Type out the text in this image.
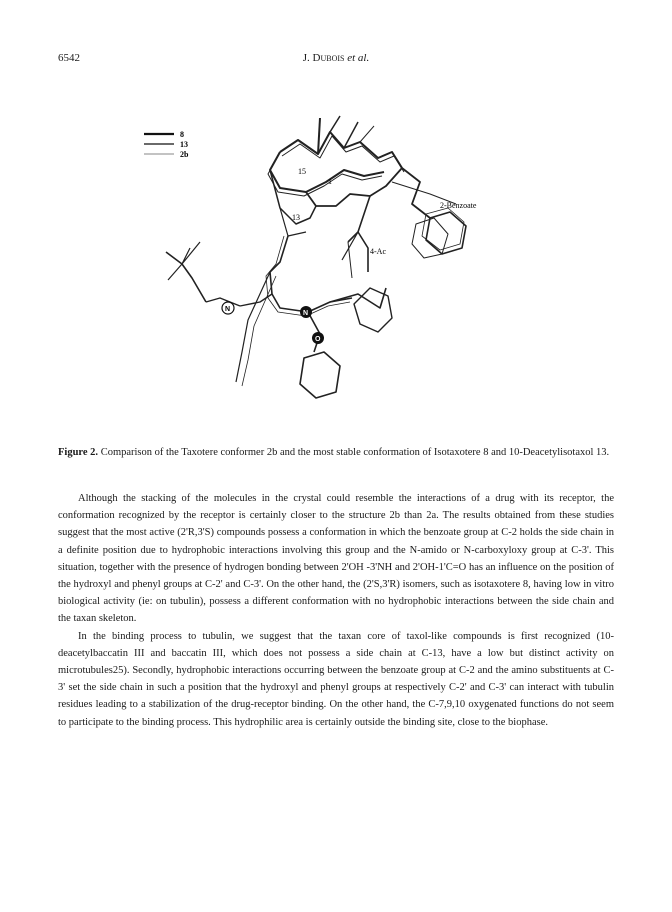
6542	J. Dubois et al.
8
13
2b
15
1
13
2-Benzoate
4-Ac
N
N
O
Figure 2. Comparison of the Taxotere conformer 2b and the most stable conformation of Isotaxotere 8 and 10-Deacetylisotaxol 13.

Although the stacking of the molecules in the crystal could resemble the interactions of a drug with its receptor, the conformation recognized by the receptor is certainly closer to the structure 2b than 2a. The results obtained from these studies suggest that the most active (2'R,3'S) compounds possess a conformation in which the benzoate group at C-2 holds the side chain in a definite position due to hydrophobic interactions involving this group and the N-amido or N-carboxyloxy group at C-3'. This situation, together with the presence of hydrogen bonding between 2'OH -3'NH and 2'OH-1'C=O has an influence on the position of the hydroxyl and phenyl groups at C-2' and C-3'. On the other hand, the (2'S,3'R) isomers, such as isotaxotere 8, having low in vitro biological activity (ie: on tubulin), possess a different conformation with no hydrophobic interactions between the side chain and the taxan skeleton.

In the binding process to tubulin, we suggest that the taxan core of taxol-like compounds is first recognized (10-deacetylbaccatin III and baccatin III, which does not possess a side chain at C-13, have a low but distinct activity on microtubules25). Secondly, hydrophobic interactions occurring between the benzoate group at C-2 and the amino substituents at C-3' set the side chain in such a position that the hydroxyl and phenyl groups at respectively C-2' and C-3' can interact with tubulin residues leading to a stabilization of the drug-receptor binding. On the other hand, the C-7,9,10 oxygenated functions do not seem to participate to the binding process. This hydrophilic area is certainly outside the binding site, close to the biophase.
